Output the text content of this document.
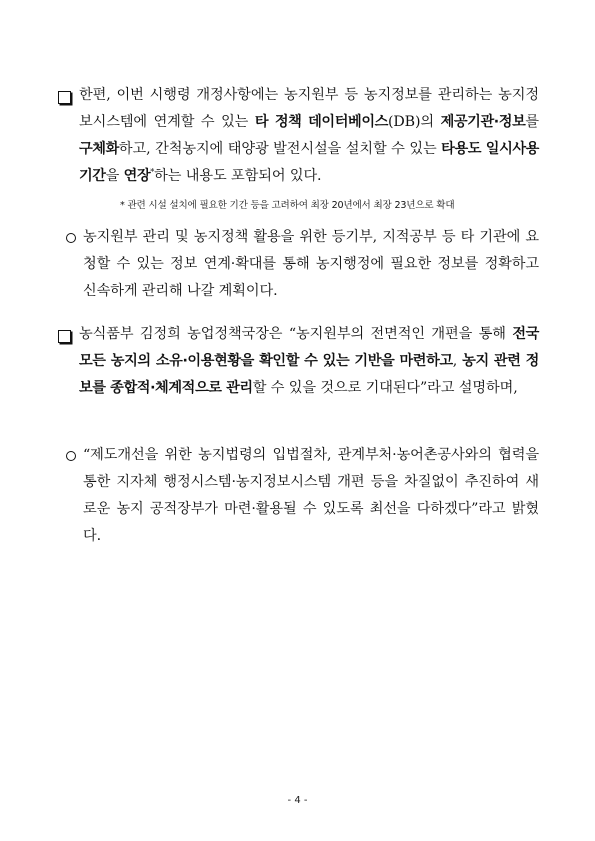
한편, 이번 시행령 개정사항에는 농지원부 등 농지정보를 관리하는 농지정보시스템에 연계할 수 있는 타 정책 데이터베이스(DB)의 제공기관·정보를 구체화하고, 간척농지에 태양광 발전시설을 설치할 수 있는 타용도 일시사용기간을 연장*하는 내용도 포함되어 있다.
* 관련 시설 설치에 필요한 기간 등을 고려하여 최장 20년에서 최장 23년으로 확대
농지원부 관리 및 농지정책 활용을 위한 등기부, 지적공부 등 타 기관에 요청할 수 있는 정보 연계·확대를 통해 농지행정에 필요한 정보를 정확하고 신속하게 관리해 나갈 계획이다.
농식품부 김정희 농업정책국장은 “농지원부의 전면적인 개편을 통해 전국 모든 농지의 소유·이용현황을 확인할 수 있는 기반을 마련하고, 농지 관련 정보를 종합적·체계적으로 관리할 수 있을 것으로 기대된다”라고 설명하며,
“제도개선을 위한 농지법령의 입법절차, 관계부처·농어촌공사와의 협력을 통한 지자체 행정시스템·농지정보시스템 개편 등을 차질없이 추진하여 새로운 농지 공적장부가 마련·활용될 수 있도록 최선을 다하겠다”라고 밝혔다.
- 4 -
